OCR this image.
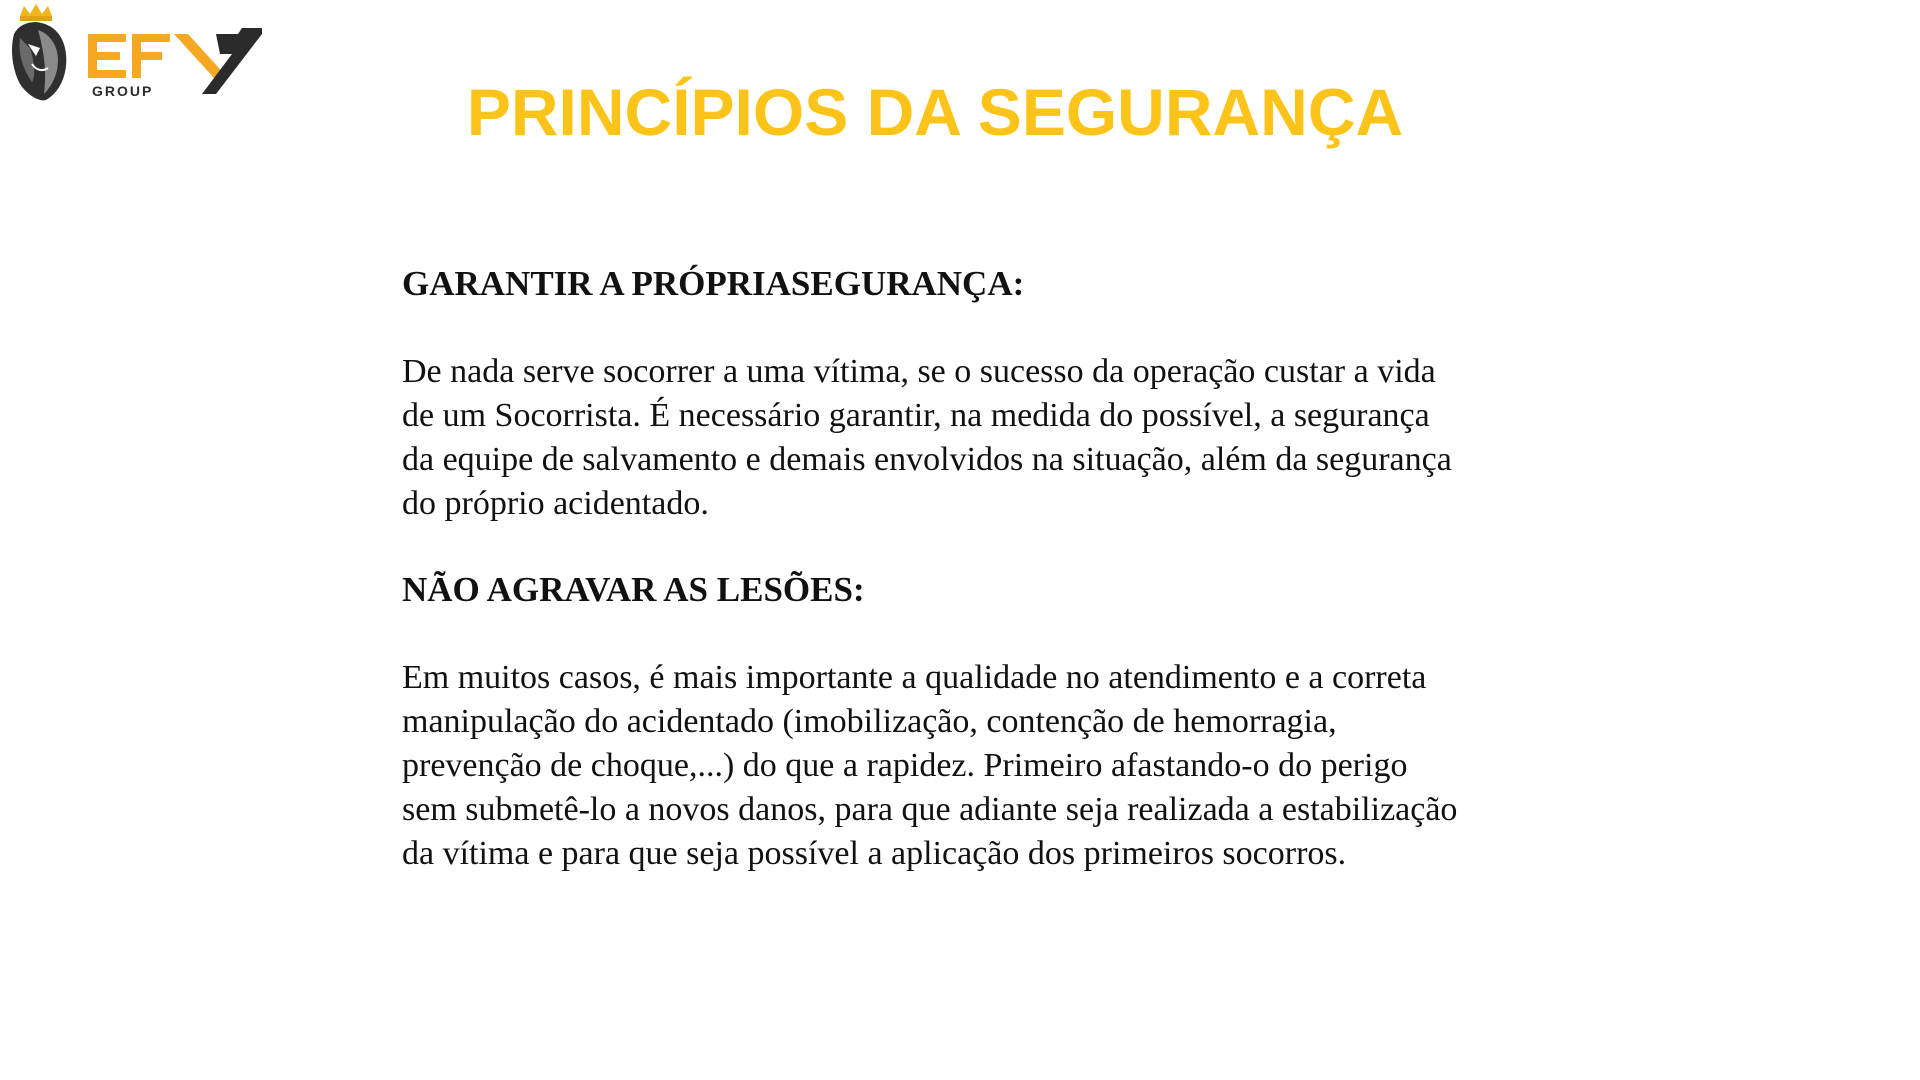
GROUP	PRINCÍPIOS DA SEGURANÇA

GARANTIR A PRÓPRIASEGURANÇA:

De nada serve socorrer a uma vítima, se o sucesso da operação custar a vida
de um Socorrista. É necessário garantir, na medida do possível, a segurança
da equipe de salvamento e demais envolvidos na situação, além da segurança
do próprio acidentado.

NÃO AGRAVAR AS LESÕES:

Em muitos casos, é mais importante a qualidade no atendimento e a correta
manipulação do acidentado (imobilização, contenção de hemorragia,
prevenção de choque,...) do que a rapidez. Primeiro afastando-o do perigo
sem submetê-lo a novos danos, para que adiante seja realizada a estabilização
da vítima e para que seja possível a aplicação dos primeiros socorros.
